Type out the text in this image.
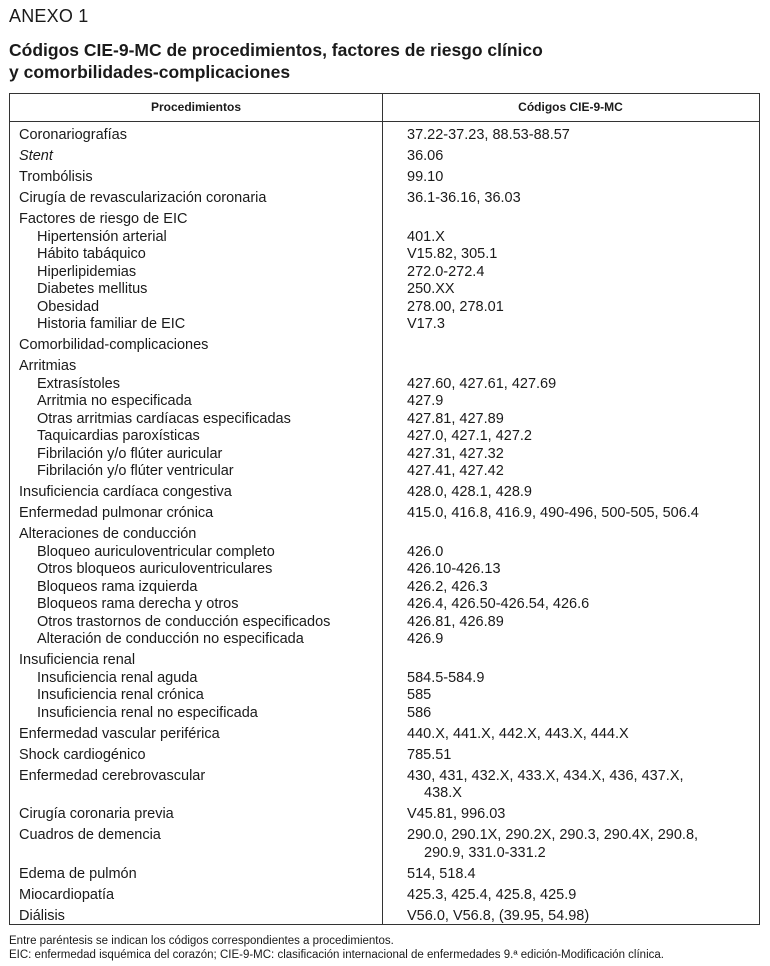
ANEXO 1
Códigos CIE-9-MC de procedimientos, factores de riesgo clínico
y comorbilidades-complicaciones
Procedimientos	Códigos CIE-9-MC
Coronariografías	37.22-37.23, 88.53-88.57
Stent	36.06
Trombólisis	99.10
Cirugía de revascularización coronaria	36.1-36.16, 36.03
Factores de riesgo de EIC
Hipertensión arterial	401.X
Hábito tabáquico	V15.82, 305.1
Hiperlipidemias	272.0-272.4
Diabetes mellitus	250.XX
Obesidad	278.00, 278.01
Historia familiar de EIC	V17.3
Comorbilidad-complicaciones
Arritmias
Extrasístoles	427.60, 427.61, 427.69
Arritmia no especificada	427.9
Otras arritmias cardíacas especificadas	427.81, 427.89
Taquicardias paroxísticas	427.0, 427.1, 427.2
Fibrilación y/o flúter auricular	427.31, 427.32
Fibrilación y/o flúter ventricular	427.41, 427.42
Insuficiencia cardíaca congestiva	428.0, 428.1, 428.9
Enfermedad pulmonar crónica	415.0, 416.8, 416.9, 490-496, 500-505, 506.4
Alteraciones de conducción
Bloqueo auriculoventricular completo	426.0
Otros bloqueos auriculoventriculares	426.10-426.13
Bloqueos rama izquierda	426.2, 426.3
Bloqueos rama derecha y otros	426.4, 426.50-426.54, 426.6
Otros trastornos de conducción especificados	426.81, 426.89
Alteración de conducción no especificada	426.9
Insuficiencia renal
Insuficiencia renal aguda	584.5-584.9
Insuficiencia renal crónica	585
Insuficiencia renal no especificada	586
Enfermedad vascular periférica	440.X, 441.X, 442.X, 443.X, 444.X
Shock cardiogénico	785.51
Enfermedad cerebrovascular	430, 431, 432.X, 433.X, 434.X, 436, 437.X,
438.X
Cirugía coronaria previa	V45.81, 996.03
Cuadros de demencia	290.0, 290.1X, 290.2X, 290.3, 290.4X, 290.8,
290.9, 331.0-331.2
Edema de pulmón	514, 518.4
Miocardiopatía	425.3, 425.4, 425.8, 425.9
Diálisis	V56.0, V56.8, (39.95, 54.98)
Entre paréntesis se indican los códigos correspondientes a procedimientos.
EIC: enfermedad isquémica del corazón; CIE-9-MC: clasificación internacional de enfermedades 9.ª edición-Modificación clínica.
